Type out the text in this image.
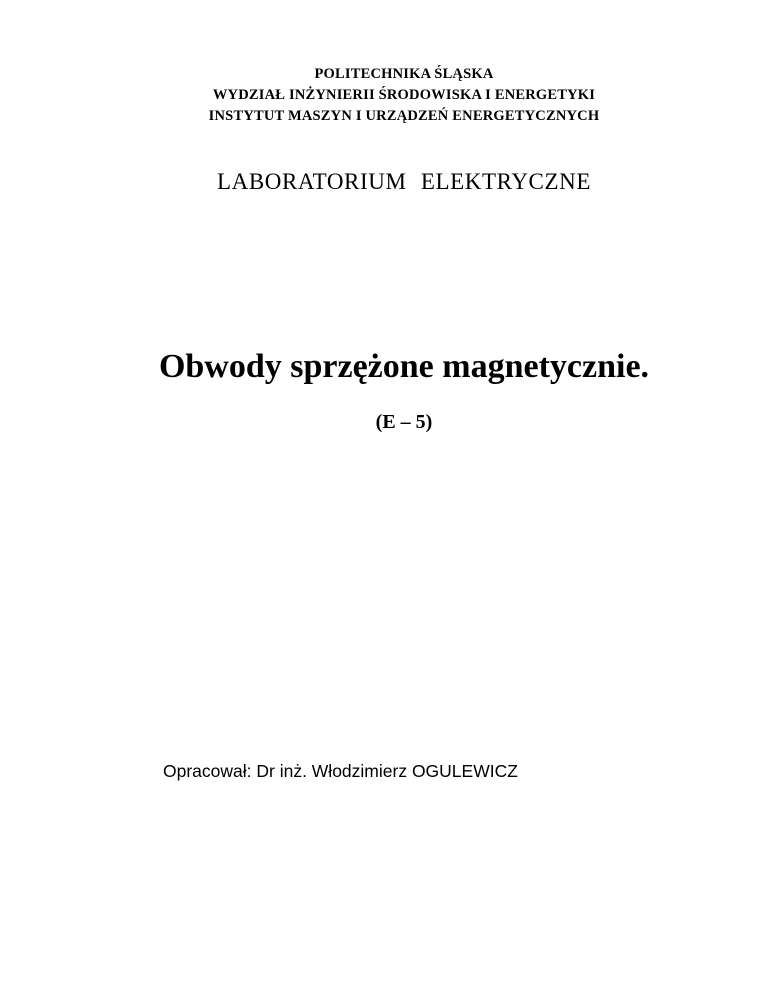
POLITECHNIKA ŚLĄSKA
WYDZIAŁ INŻYNIERII ŚRODOWISKA I ENERGETYKI
INSTYTUT MASZYN I URZĄDZEŃ ENERGETYCZNYCH
LABORATORIUM ELEKTRYCZNE
Obwody sprzężone magnetycznie.
(E – 5)
Opracował: Dr inż. Włodzimierz OGULEWICZ
